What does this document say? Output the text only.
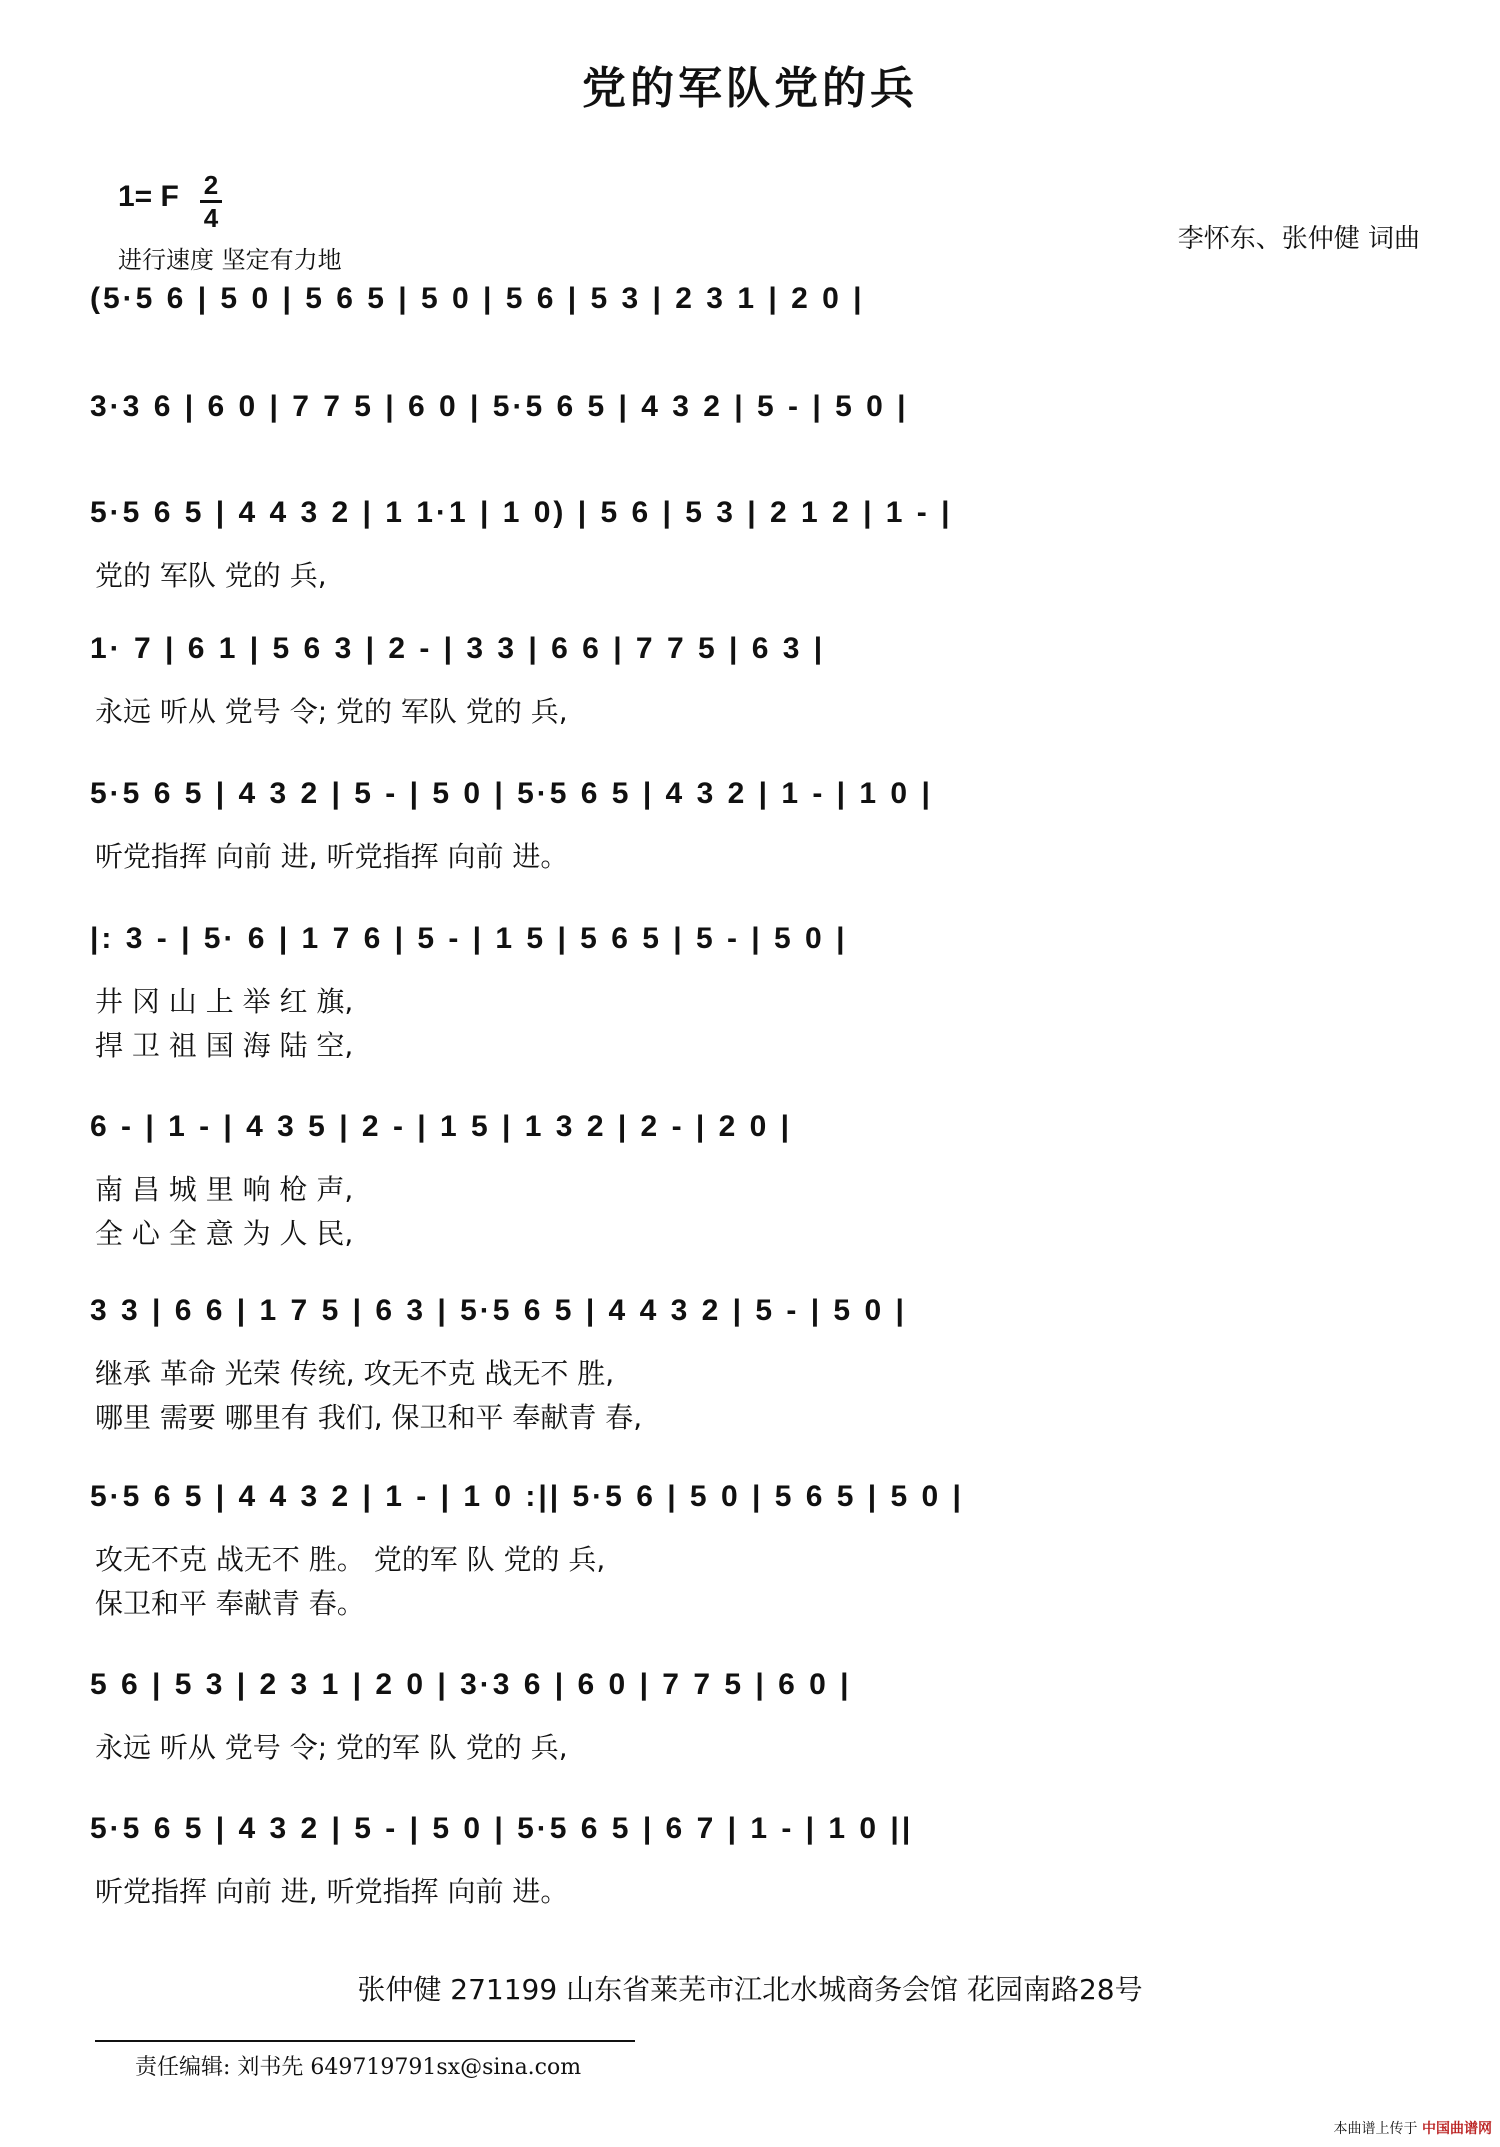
党的军队党的兵
1= F 2
4
进行速度 坚定有力地
李怀东、张仲健 词曲
(5·5 6 | 5 0 | 5 6 5 | 5 0 | 5 6 | 5 3 | 2 3 1 | 2 0 |
3·3 6 | 6 0 | 7 7 5 | 6 0 | 5·5 6 5 | 4 3 2 | 5 - | 5 0 |
5·5 6 5 | 4 4 3 2 | 1 1·1 | 1 0) | 5 6 | 5 3 | 2 1 2 | 1 - |
党的 军队 党的 兵,
1· 7 | 6 1 | 5 6 3 | 2 - | 3 3 | 6 6 | 7 7 5 | 6 3 |
永远 听从 党号 令; 党的 军队 党的 兵,
5·5 6 5 | 4 3 2 | 5 - | 5 0 | 5·5 6 5 | 4 3 2 | 1 - | 1 0 |
听党指挥 向前 进, 听党指挥 向前 进。
|: 3 - | 5· 6 | 1 7 6 | 5 - | 1 5 | 5 6 5 | 5 - | 5 0 |
井 冈 山 上 举 红 旗,
捍 卫 祖 国 海 陆 空,
6 - | 1 - | 4 3 5 | 2 - | 1 5 | 1 3 2 | 2 - | 2 0 |
南 昌 城 里 响 枪 声,
全 心 全 意 为 人 民,
3 3 | 6 6 | 1 7 5 | 6 3 | 5·5 6 5 | 4 4 3 2 | 5 - | 5 0 |
继承 革命 光荣 传统, 攻无不克 战无不 胜,
哪里 需要 哪里有 我们, 保卫和平 奉献青 春,
5·5 6 5 | 4 4 3 2 | 1 - | 1 0 :|| 5·5 6 | 5 0 | 5 6 5 | 5 0 |
攻无不克 战无不 胜。 党的军 队 党的 兵,
保卫和平 奉献青 春。
5 6 | 5 3 | 2 3 1 | 2 0 | 3·3 6 | 6 0 | 7 7 5 | 6 0 |
永远 听从 党号 令; 党的军 队 党的 兵,
5·5 6 5 | 4 3 2 | 5 - | 5 0 | 5·5 6 5 | 6 7 | 1 - | 1 0 ||
听党指挥 向前 进, 听党指挥 向前 进。
张仲健 271199 山东省莱芜市江北水城商务会馆 花园南路28号
责任编辑: 刘书先 649719791sx@sina.com
本曲谱上传于 中国曲谱网
